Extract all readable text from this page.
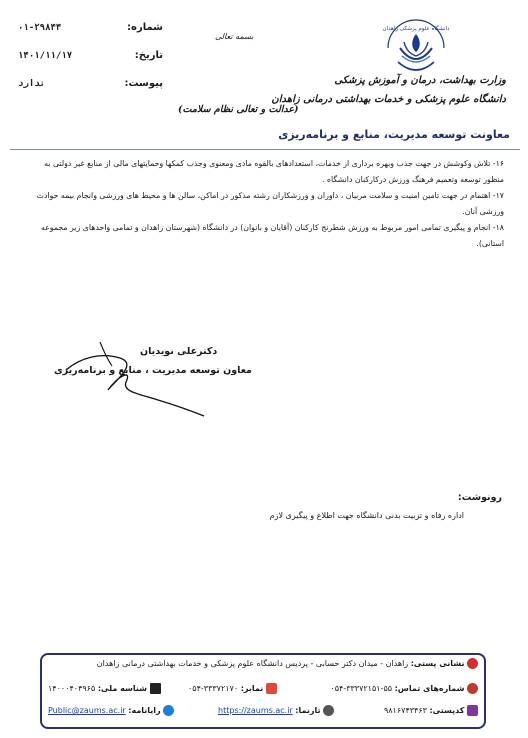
شماره:
۰۱-۲۹۸۴۴
تاریخ:
۱۴۰۱/۱۱/۱۷
پیوست:
ندارد
بسمه تعالی
دانشگاه علوم پزشکی زاهدان
وزارت بهداشت، درمان و آموزش پزشکی
دانشگاه علوم پزشکی و خدمات بهداشتی درمانی زاهدان
(عدالت و تعالی نظام سلامت)
معاونت توسعه مدیریت، منابع و برنامه‌ریزی
۱۶- تلاش وکوشش در جهت جذب وبهره برداری از خدمات، استعدادهای بالقوه مادی ومعنوی وجذب کمکها وحمایتهای مالی از منابع غیر دولتی به منظور توسعه وتعمیم فرهنگ ورزش درکارکنان دانشگاه .
۱۷- اهتمام در جهت تامین امنیت و سلامت مربیان ، داوران و ورزشکاران رشته مذکور در اماکن، سالن ها و محیط های ورزشی وانجام بیمه حوادث ورزشی آنان.
۱۸- انجام و پیگیری تمامی امور مربوط به ورزش شطرنج کارکنان (آقایان و بانوان) در دانشگاه (شهرستان زاهدان و تمامی واحدهای زیر مجموعه استانی).
دکترعلی نویدیان
معاون توسعه مدیریت ، منابع و برنامه‌ریزی
رونوشت:
اداره رفاه و تربیت بدنی دانشگاه جهت اطلاع و پیگیری لازم
نشانی پستی: زاهدان - میدان دکتر حسابی - پردیس دانشگاه علوم پزشکی و خدمات بهداشتی درمانی زاهدان
شماره‌های تماس: ۰۵۴-۳۳۳۷۲۱۵۱-۵۵
نمابر: ۰۵۴-۳۳۳۷۲۱۷۰
شناسه ملی: ۱۴۰۰۰۴۰۴۹۶۵
کدپستی: ۹۸۱۶۷۴۳۴۶۳
تارنما: https://zaums.ac.ir
رایانامه: Public@zaums.ac.ir
